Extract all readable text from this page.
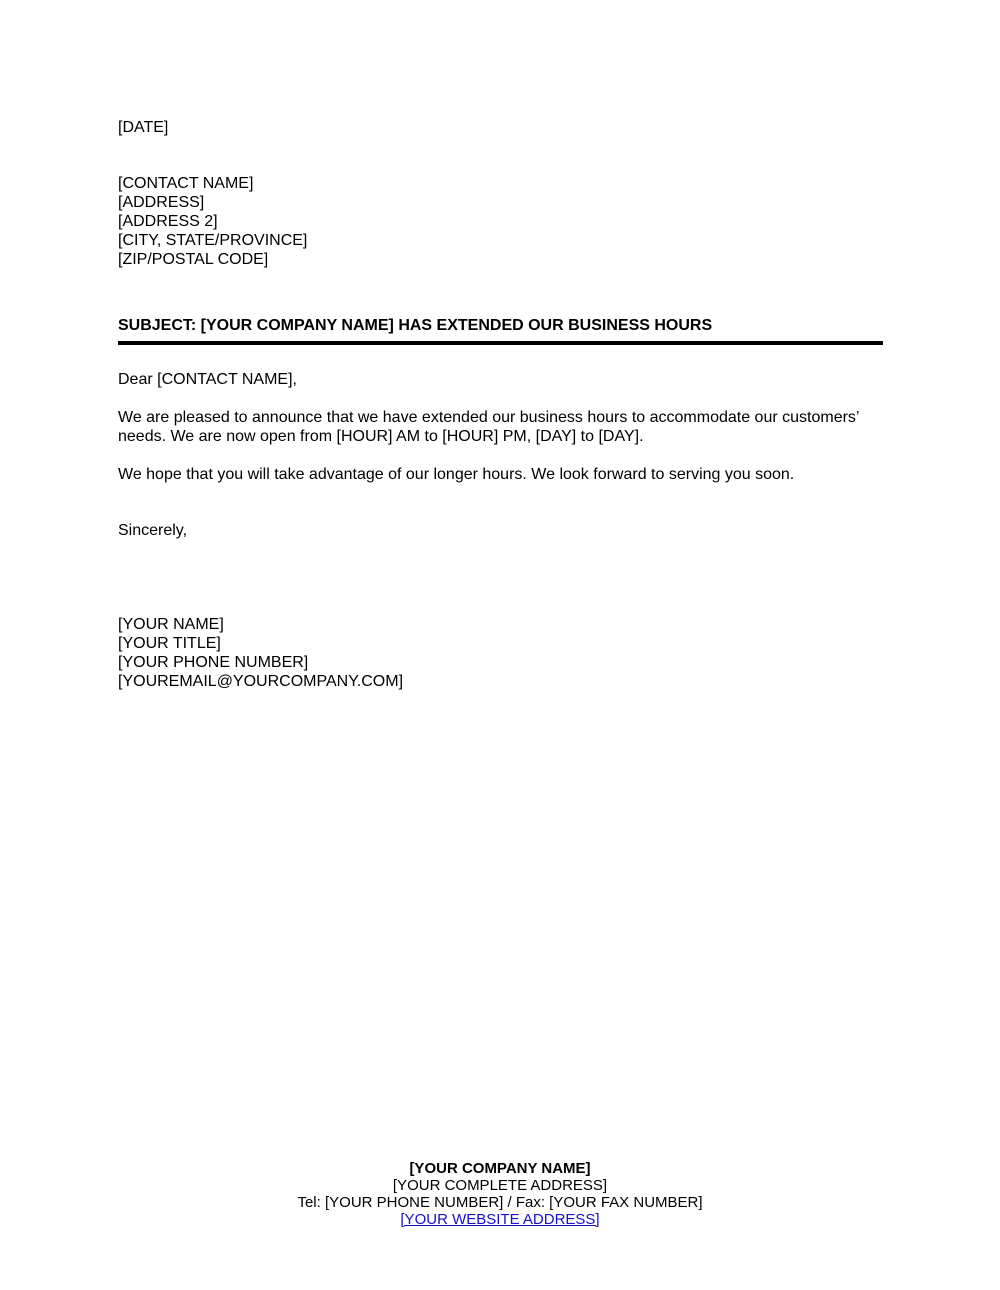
[DATE]
[CONTACT NAME]
[ADDRESS]
[ADDRESS 2]
[CITY, STATE/PROVINCE]
[ZIP/POSTAL CODE]
SUBJECT: [YOUR COMPANY NAME] HAS EXTENDED OUR BUSINESS HOURS
Dear [CONTACT NAME],
We are pleased to announce that we have extended our business hours to accommodate our customers’
needs. We are now open from [HOUR] AM to [HOUR] PM, [DAY] to [DAY].
We hope that you will take advantage of our longer hours. We look forward to serving you soon.
Sincerely,
[YOUR NAME]
[YOUR TITLE]
[YOUR PHONE NUMBER]
[YOUREMAIL@YOURCOMPANY.COM]
[YOUR COMPANY NAME]
[YOUR COMPLETE ADDRESS]
Tel: [YOUR PHONE NUMBER] / Fax: [YOUR FAX NUMBER]
[YOUR WEBSITE ADDRESS]
